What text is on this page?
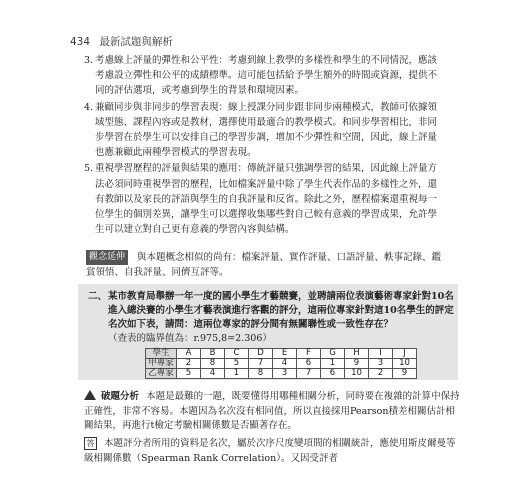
434 最新試題與解析
3. 考慮線上評量的彈性和公平性：考慮到線上教學的多樣性和學生的不同情況，應該考慮設立彈性和公平的成績標準。這可能包括給予學生額外的時間或資源，提供不同的評估選項，或考慮到學生的背景和環境因素。
4. 兼顧同步與非同步的學習表現：線上授課分同步跟非同步兩種模式，教師可依據領域型態、課程內容或是教材，選擇使用最適合的教學模式。和同步學習相比，非同步學習在於學生可以安排自己的學習步調，增加不少彈性和空間，因此，線上評量也應兼顧此兩種學習模式的學習表現。
5. 重視學習歷程的評量與結果的應用：傳統評量只強調學習的結果，因此線上評量方法必須同時重視學習的歷程，比如檔案評量中除了學生代表作品的多樣性之外，還有教師以及家長的評語與學生的自我評量和反省。除此之外，歷程檔案還重視每一位學生的個別差異，讓學生可以選擇收集哪些對自己較有意義的學習成果，允許學生可以建立對自己更有意義的學習內容與結構。
觀念延伸 與本題概念相似的尚有：檔案評量、實作評量、口語評量、軼事記錄、鑑賞領悟、自我評量、同儕互評等。
二、 某市教育局舉辦一年一度的國小學生才藝競賽，並聘請兩位表演藝術專家針對10名進入總決賽的小學生才藝表演進行客觀的評分，這兩位專家針對這10名學生的評定名次如下表，請問：這兩位專家的評分間有無關聯性或一致性存在？
（查表的臨界值為：r.975,8=2.306）
學生	A	B	C	D	E	F	G	H	I	J
甲專家	2	8	5	7	4	6	1	9	3	10
乙專家	5	4	1	8	3	7	6	10	2	9
破題分析 本題是最難的一題，既要懂得用哪種相關分析，同時要在複雜的計算中保持正確性，非常不容易。本題因為名次沒有相同值，所以直接採用Pearson積差相關估計相關結果，再進行t檢定考驗相關係數是否顯著存在。
答 本題評分者所用的資料是名次，屬於次序尺度變項間的相關統計，應使用斯皮爾曼等級相關係數（Spearman Rank Correlation）。又因受評者
